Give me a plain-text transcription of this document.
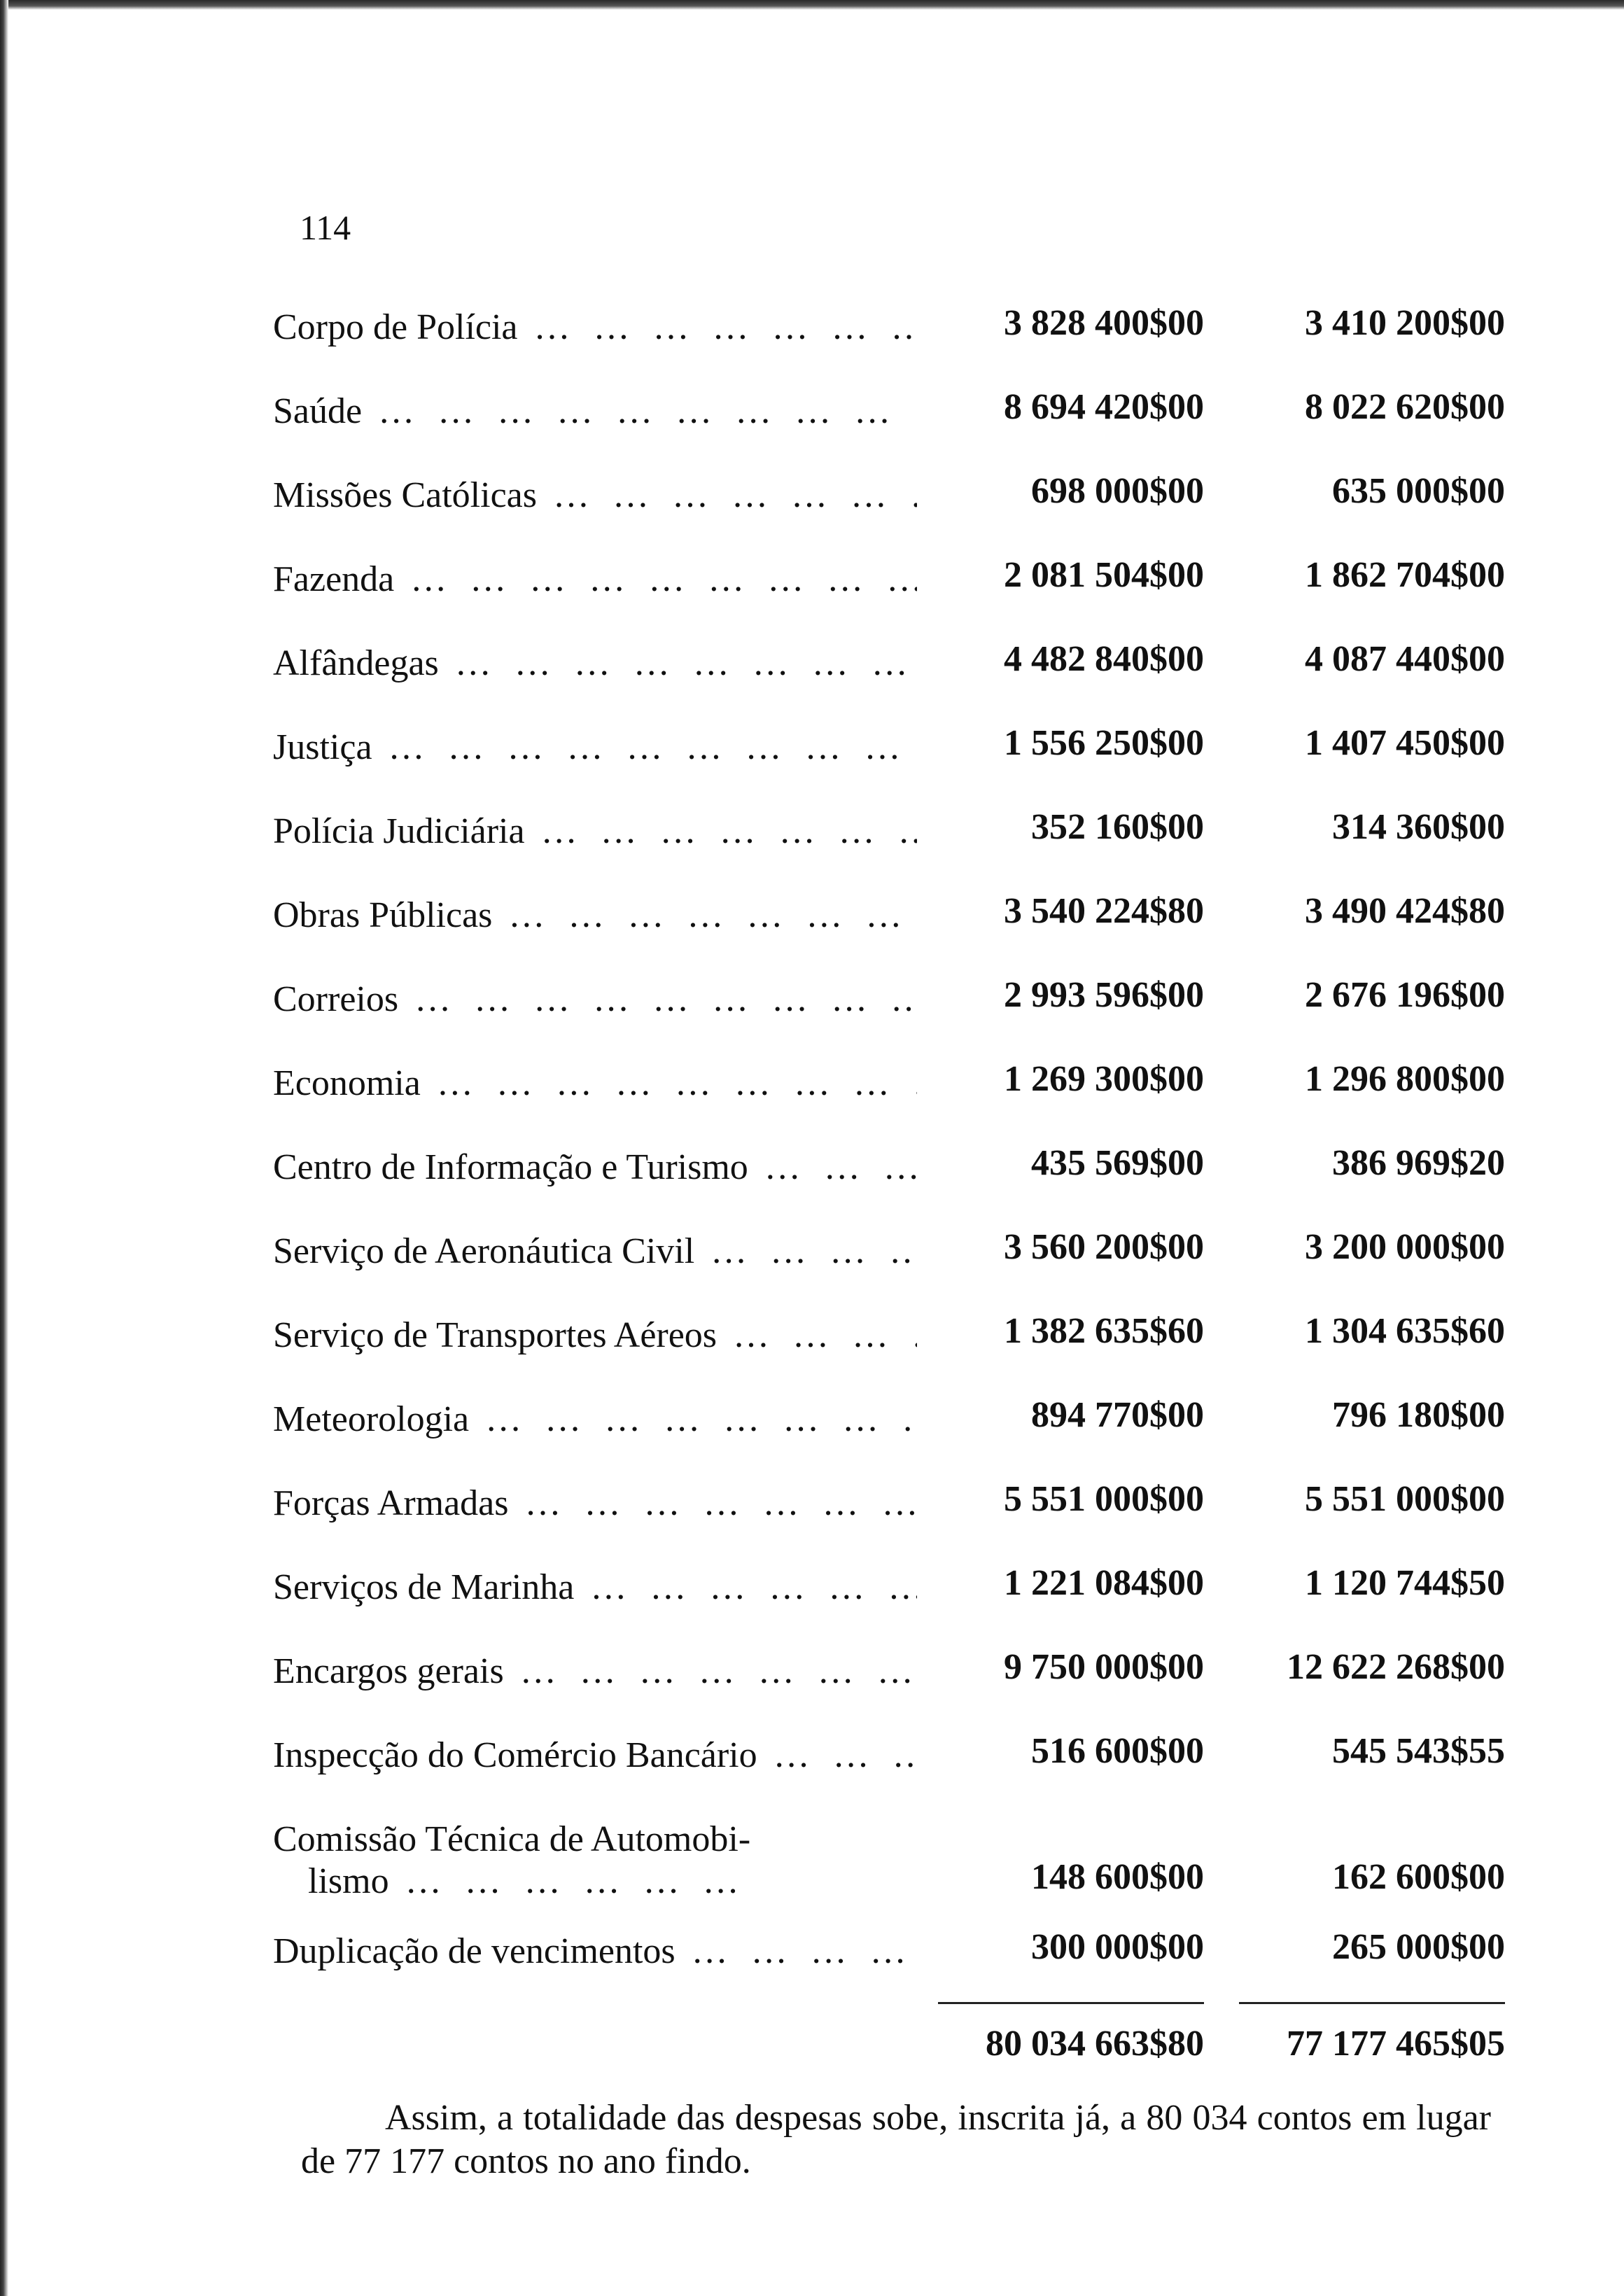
114
Corpo de Polícia … … … … … … … … … … … … … … … …	3 828 400$00	3 410 200$00
Saúde … … … … … … … … … … … … … … … …	8 694 420$00	8 022 620$00
Missões Católicas … … … … … … … … … … … … … … … …	698 000$00	635 000$00
Fazenda … … … … … … … … … … … … … … … …	2 081 504$00	1 862 704$00
Alfândegas … … … … … … … … … … … … … … … …	4 482 840$00	4 087 440$00
Justiça … … … … … … … … … … … … … … … …	1 556 250$00	1 407 450$00
Polícia Judiciária … … … … … … … … … … … … … … … …	352 160$00	314 360$00
Obras Públicas … … … … … … … … … … … … … … … …	3 540 224$80	3 490 424$80
Correios … … … … … … … … … … … … … … … …	2 993 596$00	2 676 196$00
Economia … … … … … … … … … … … … … … … …	1 269 300$00	1 296 800$00
Centro de Informação e Turismo … … … … … … … … … … … … … … … …	435 569$00	386 969$20
Serviço de Aeronáutica Civil … … … … … … … … … … … … … … … …	3 560 200$00	3 200 000$00
Serviço de Transportes Aéreos … … … … … … … … … … … … … … … …	1 382 635$60	1 304 635$60
Meteorologia … … … … … … … … … … … … … … … …	894 770$00	796 180$00
Forças Armadas … … … … … … … … … … … … … … … …	5 551 000$00	5 551 000$00
Serviços de Marinha … … … … … … … … … … … … … … … …	1 221 084$00	1 120 744$50
Encargos gerais … … … … … … … … … … … … … … … …	9 750 000$00	12 622 268$00
Inspecção do Comércio Bancário … … … … … … … … … … … … … … … …	516 600$00	545 543$55
Comissão Técnica de Automobi-
lismo … … … … … …	148 600$00	162 600$00
Duplicação de vencimentos … … … … … … … … … … … … … … … …	300 000$00	265 000$00
80 034 663$80	77 177 465$05
Assim, a totalidade das despesas sobe, inscrita já, a 80 034 contos em lugar de 77 177 contos no ano findo.
